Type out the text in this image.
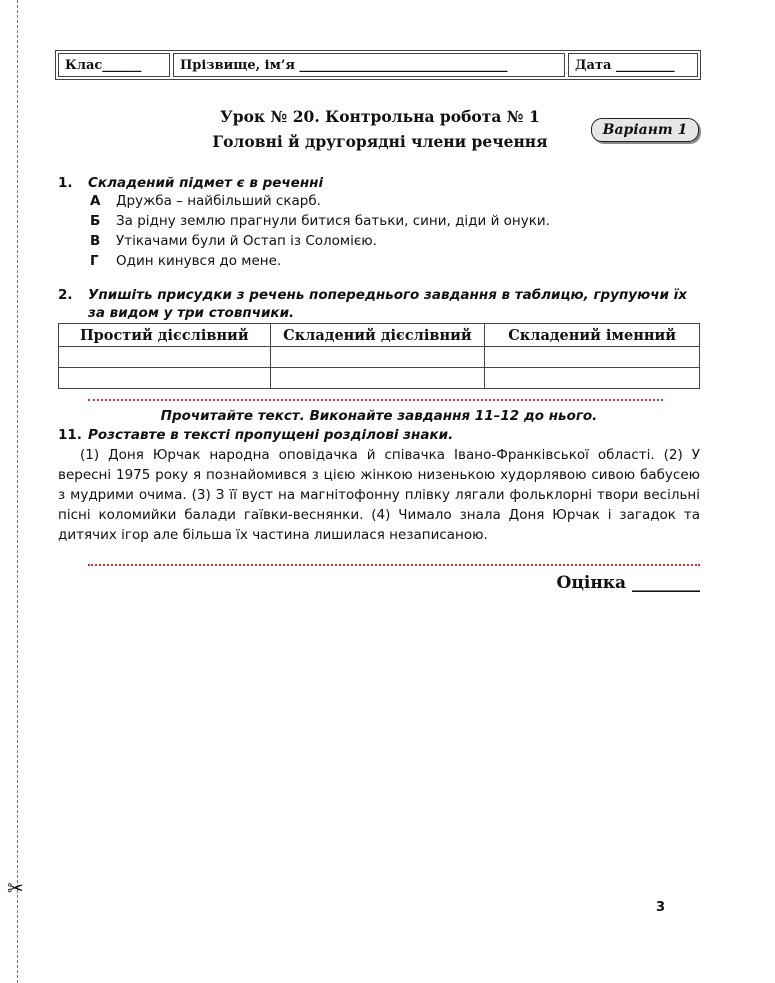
✂
Клас______	Прізвище, ім’я ________________________________	Дата _________
Урок № 20. Контрольна робота № 1
Головні й другорядні члени речення
Варіант 1
1. Складений підмет є в реченні
А Дружба – найбільший скарб.
Б За рідну землю прагнули битися батьки, сини, діди й онуки.
В Утікачами були й Остап із Соломією.
Г Один кинувся до мене.
2. Упишіть присудки з речень попереднього завдання в таблицю, групуючи їх
за видом у три стовпчики.
Простий дієслівний	Складений дієслівний	Складений іменний

Прочитайте текст. Виконайте завдання 11–12 до нього.
11. Розставте в тексті пропущені розділові знаки.
(1) Доня Юрчак народна оповідачка й співачка Івано-Франківської області. (2) У вересні 1975 року я познайомився з цією жінкою низенькою худорлявою сивою бабусею з мудрими очима. (3) З її вуст на магнітофонну плівку лягали фольклорні твори весільні пісні коломийки балади гаївки-веснянки. (4) Чимало знала Доня Юрчак і загадок та дитячих ігор але більша їх частина лишилася незаписаною.
Оцінка ________
3
